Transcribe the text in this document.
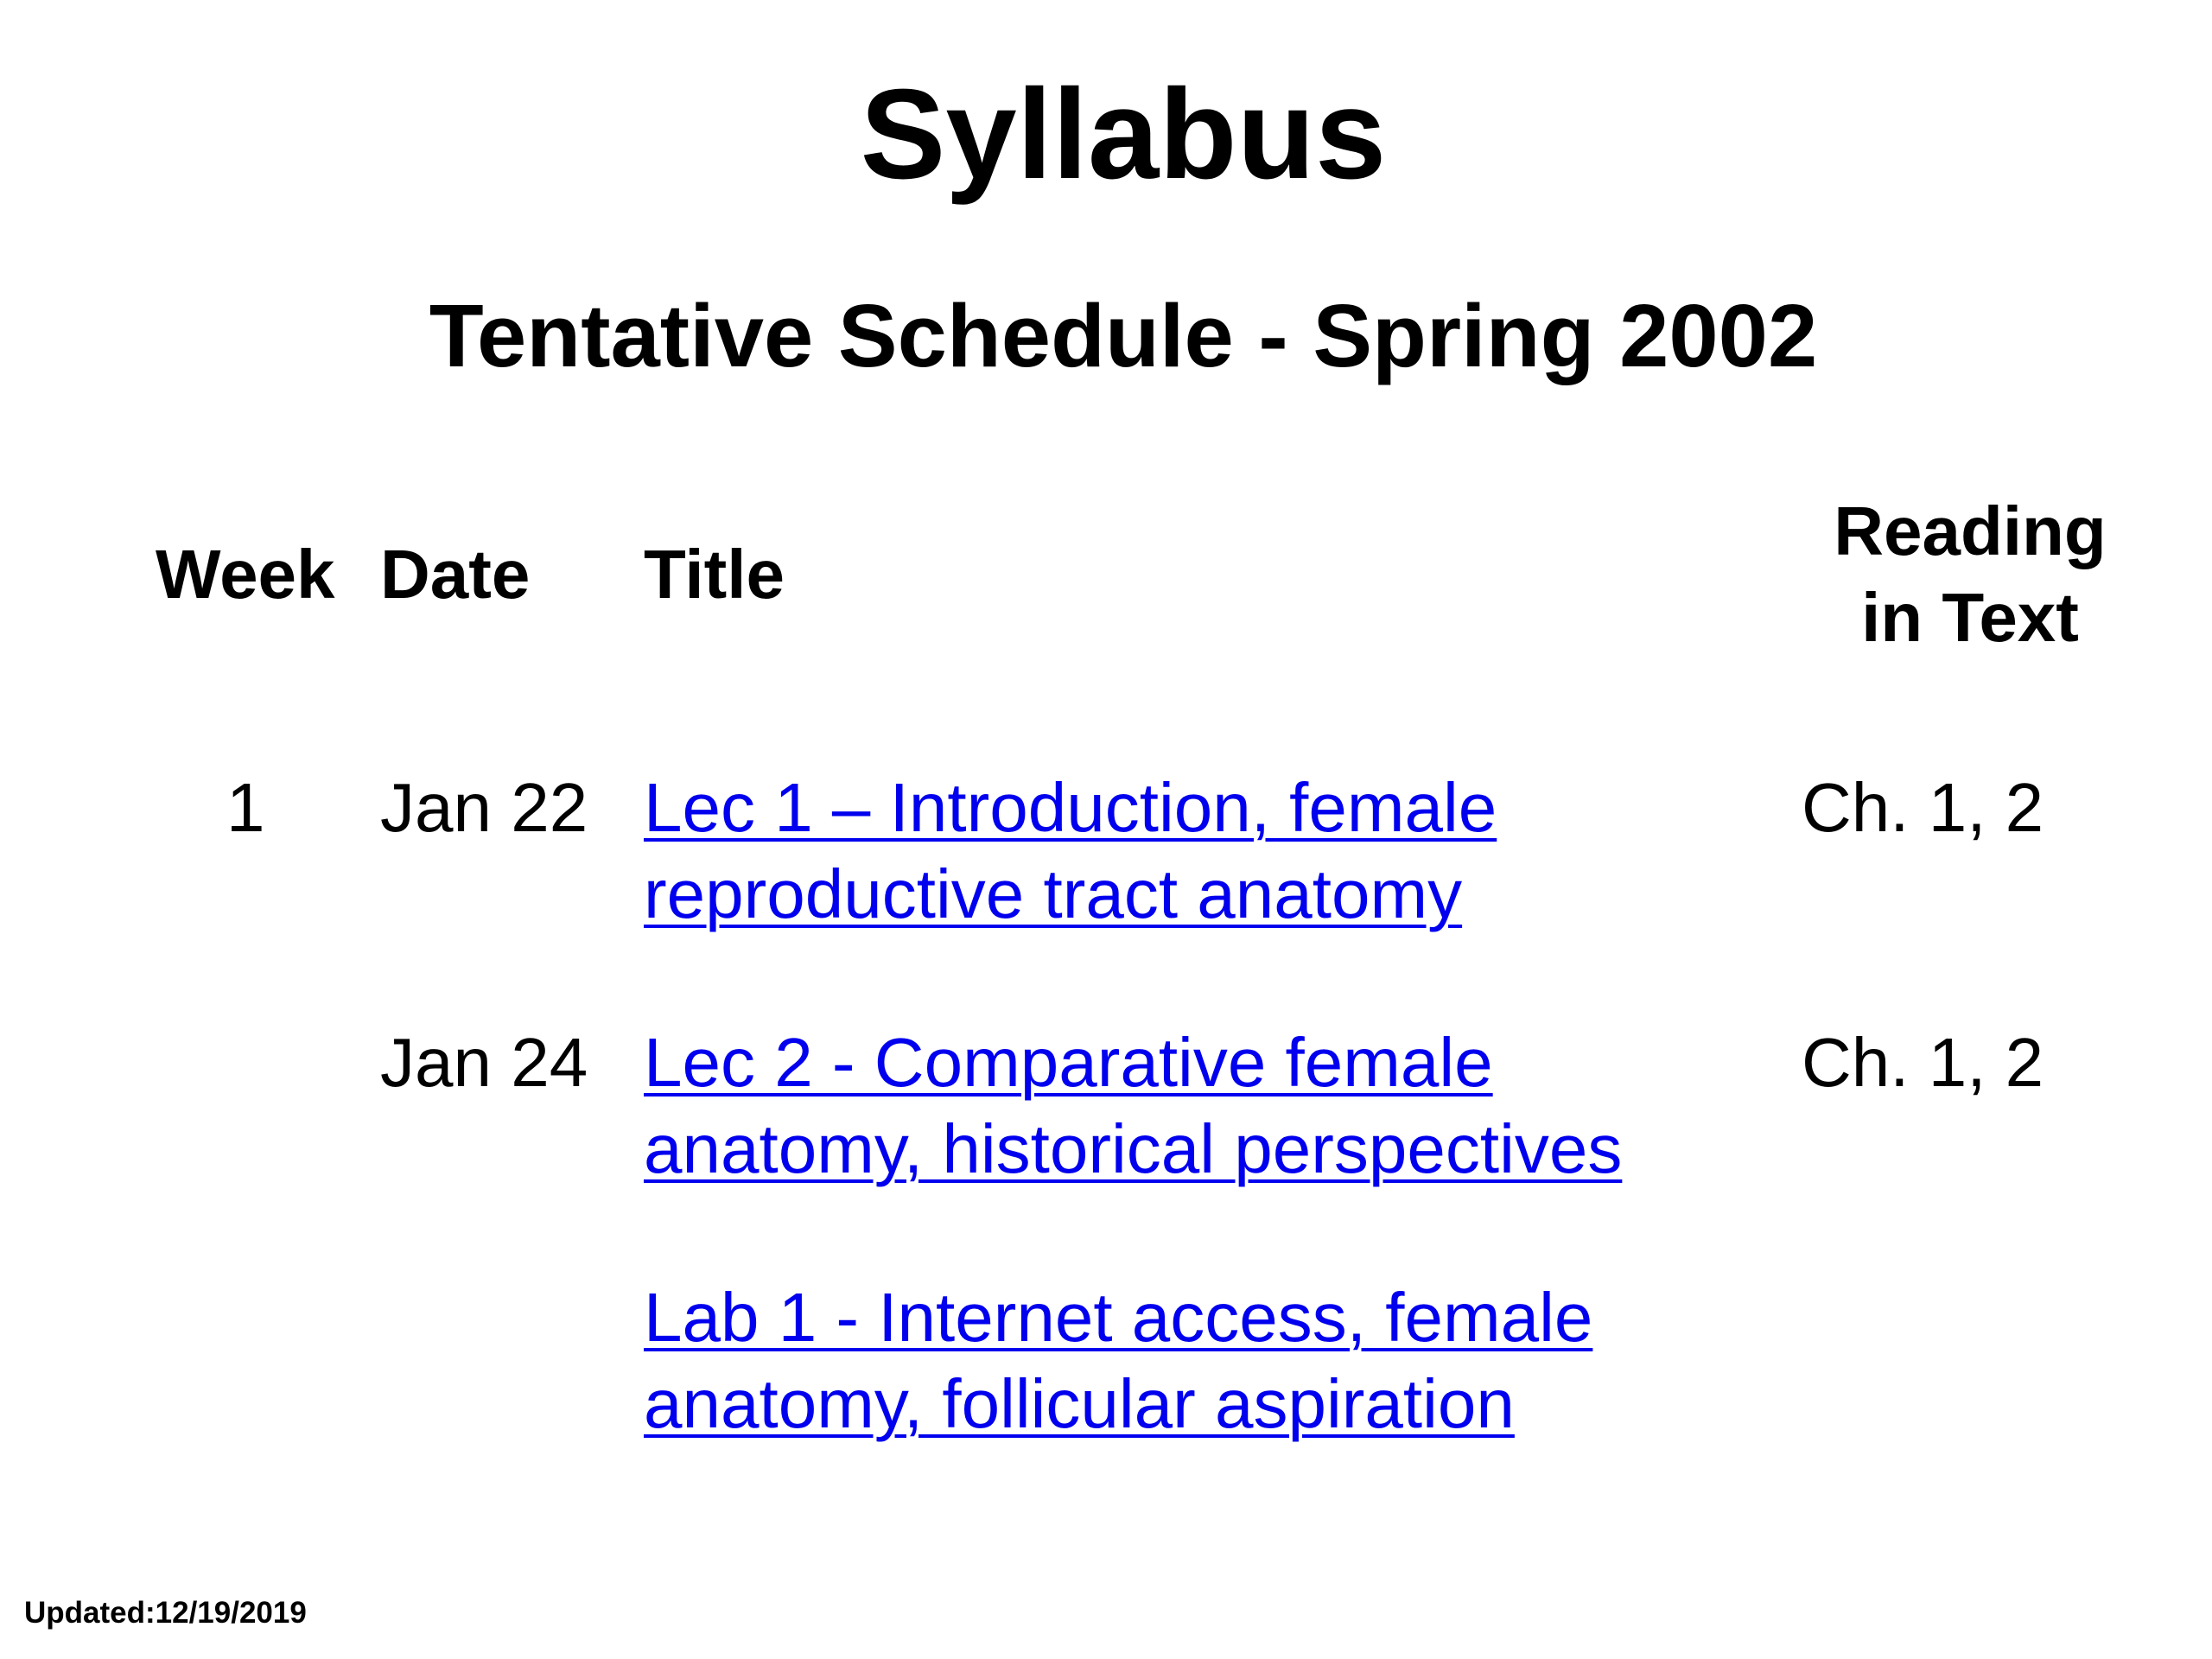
Syllabus
Tentative Schedule - Spring 2002
Week Date Title
Reading
in Text
1 Jan 22 Lec 1 – Introduction, female
reproductive tract anatomy
Ch. 1, 2
Jan 24 Lec 2 - Comparative female
anatomy, historical perspectives
Ch. 1, 2
Lab 1 - Internet access, female
anatomy, follicular aspiration
Updated:12/19/2019
